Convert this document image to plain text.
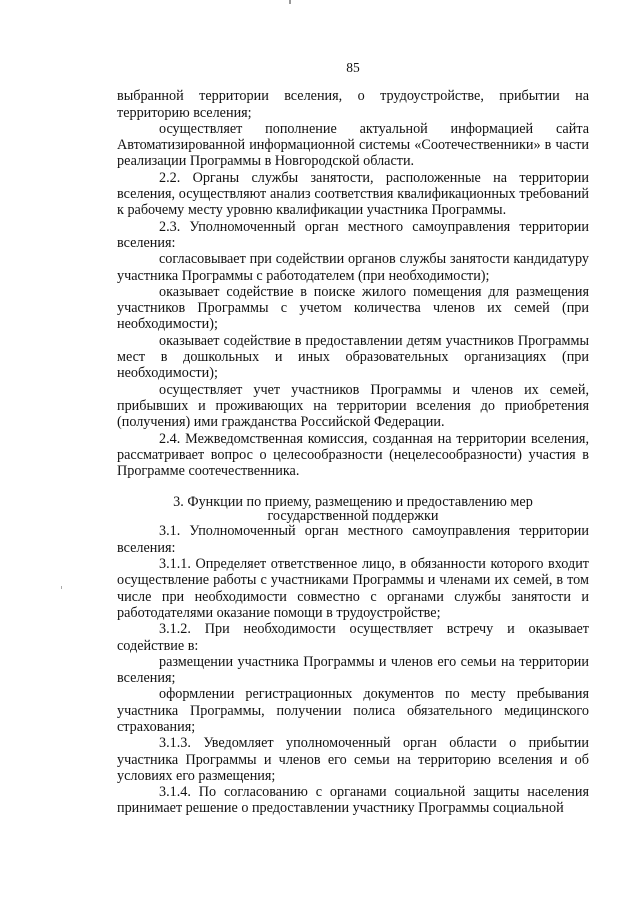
85

выбранной территории вселения, о трудоустройстве, прибытии на территорию вселения;

осуществляет пополнение актуальной информацией сайта Автоматизированной информационной системы «Соотечественники» в части реализации Программы в Новгородской области.

2.2. Органы службы занятости, расположенные на территории вселения, осуществляют анализ соответствия квалификационных требований к рабочему месту уровню квалификации участника Программы.

2.3. Уполномоченный орган местного самоуправления территории вселения:

согласовывает при содействии органов службы занятости кандидатуру участника Программы с работодателем (при необходимости);

оказывает содействие в поиске жилого помещения для размещения участников Программы с учетом количества членов их семей (при необходимости);

оказывает содействие в предоставлении детям участников Программы мест в дошкольных и иных образовательных организациях (при необходимости);

осуществляет учет участников Программы и членов их семей, прибывших и проживающих на территории вселения до приобретения (получения) ими гражданства Российской Федерации.

2.4. Межведомственная комиссия, созданная на территории вселения, рассматривает вопрос о целесообразности (нецелесообразности) участия в Программе соотечественника.

3. Функции по приему, размещению и предоставлению мер
государственной поддержки

3.1. Уполномоченный орган местного самоуправления территории вселения:

3.1.1. Определяет ответственное лицо, в обязанности которого входит осуществление работы с участниками Программы и членами их семей, в том числе при необходимости совместно с органами службы занятости и работодателями оказание помощи в трудоустройстве;

3.1.2. При необходимости осуществляет встречу и оказывает содействие в:

размещении участника Программы и членов его семьи на территории вселения;

оформлении регистрационных документов по месту пребывания участника Программы, получении полиса обязательного медицинского страхования;

3.1.3. Уведомляет уполномоченный орган области о прибытии участника Программы и членов его семьи на территорию вселения и об условиях его размещения;

3.1.4. По согласованию с органами социальной защиты населения принимает решение о предоставлении участнику Программы социальной
